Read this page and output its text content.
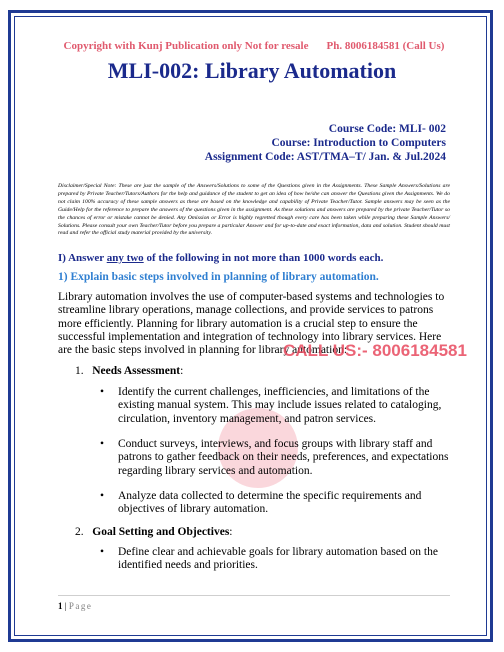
Copyright with Kunj Publication only Not for resale Ph. 8006184581 (Call Us)
MLI-002: Library Automation
Course Code: MLI- 002
Course: Introduction to Computers
Assignment Code: AST/TMA–T/ Jan. & Jul.2024
Disclaimer/Special Note: These are just the sample of the Answers/Solutions to some of the Questions given in the Assignments. These Sample Answers/Solutions are prepared by Private Teacher/Tutors/Authors for the help and guidance of the student to get an idea of how he/she can answer the Questions given the Assignments. We do not claim 100% accuracy of these sample answers as these are based on the knowledge and capability of Private Teacher/Tutor. Sample answers may be seen as the Guide/Help for the reference to prepare the answers of the questions given in the assignment. As these solutions and answers are prepared by the private Teacher/Tutor so the chances of error or mistake cannot be denied. Any Omission or Error is highly regretted though every care has been taken while preparing these Sample Answers/ Solutions. Please consult your own Teacher/Tutor before you prepare a particular Answer and for up-to-date and exact information, data and solution. Student should must read and refer the official study material provided by the university.
I) Answer any two of the following in not more than 1000 words each.
1) Explain basic steps involved in planning of library automation.
Library automation involves the use of computer-based systems and technologies to streamline library operations, manage collections, and provide services to patrons more efficiently. Planning for library automation is a crucial step to ensure the successful implementation and integration of technology into library services. Here are the basic steps involved in planning for library automation:
CALL US:- 8006184581
1. Needs Assessment:
• Identify the current challenges, inefficiencies, and limitations of the existing manual system. This may include issues related to cataloging, circulation, inventory management, and patron services.
• Conduct surveys, interviews, and focus groups with library staff and patrons to gather feedback on their needs, preferences, and expectations regarding library services and automation.
• Analyze data collected to determine the specific requirements and objectives of library automation.
2. Goal Setting and Objectives:
• Define clear and achievable goals for library automation based on the identified needs and priorities.
1 | Page
